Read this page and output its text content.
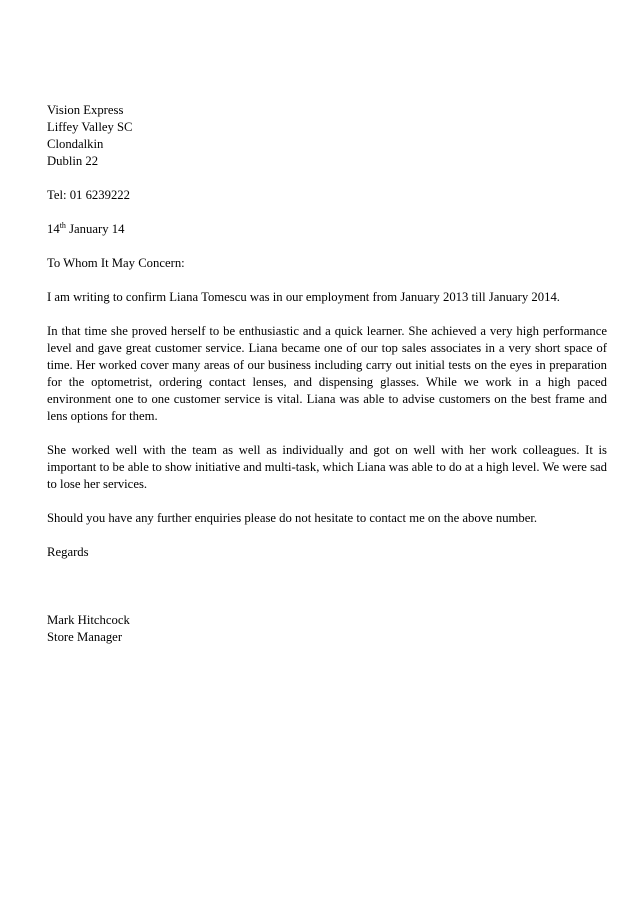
Vision Express
Liffey Valley SC
Clondalkin
Dublin 22
Tel: 01 6239222
14th January 14
To Whom It May Concern:

I am writing to confirm Liana Tomescu was in our employment from January 2013 till January 2014.

In that time she proved herself to be enthusiastic and a quick learner. She achieved a very high performance level and gave great customer service. Liana became one of our top sales associates in a very short space of time. Her worked cover many areas of our business including carry out initial tests on the eyes in preparation for the optometrist, ordering contact lenses, and dispensing glasses. While we work in a high paced environment one to one customer service is vital. Liana was able to advise customers on the best frame and lens options for them.

She worked well with the team as well as individually and got on well with her work colleagues. It is important to be able to show initiative and multi-task, which Liana was able to do at a high level. We were sad to lose her services.

Should you have any further enquiries please do not hesitate to contact me on the above number.

Regards
Mark Hitchcock
Store Manager
